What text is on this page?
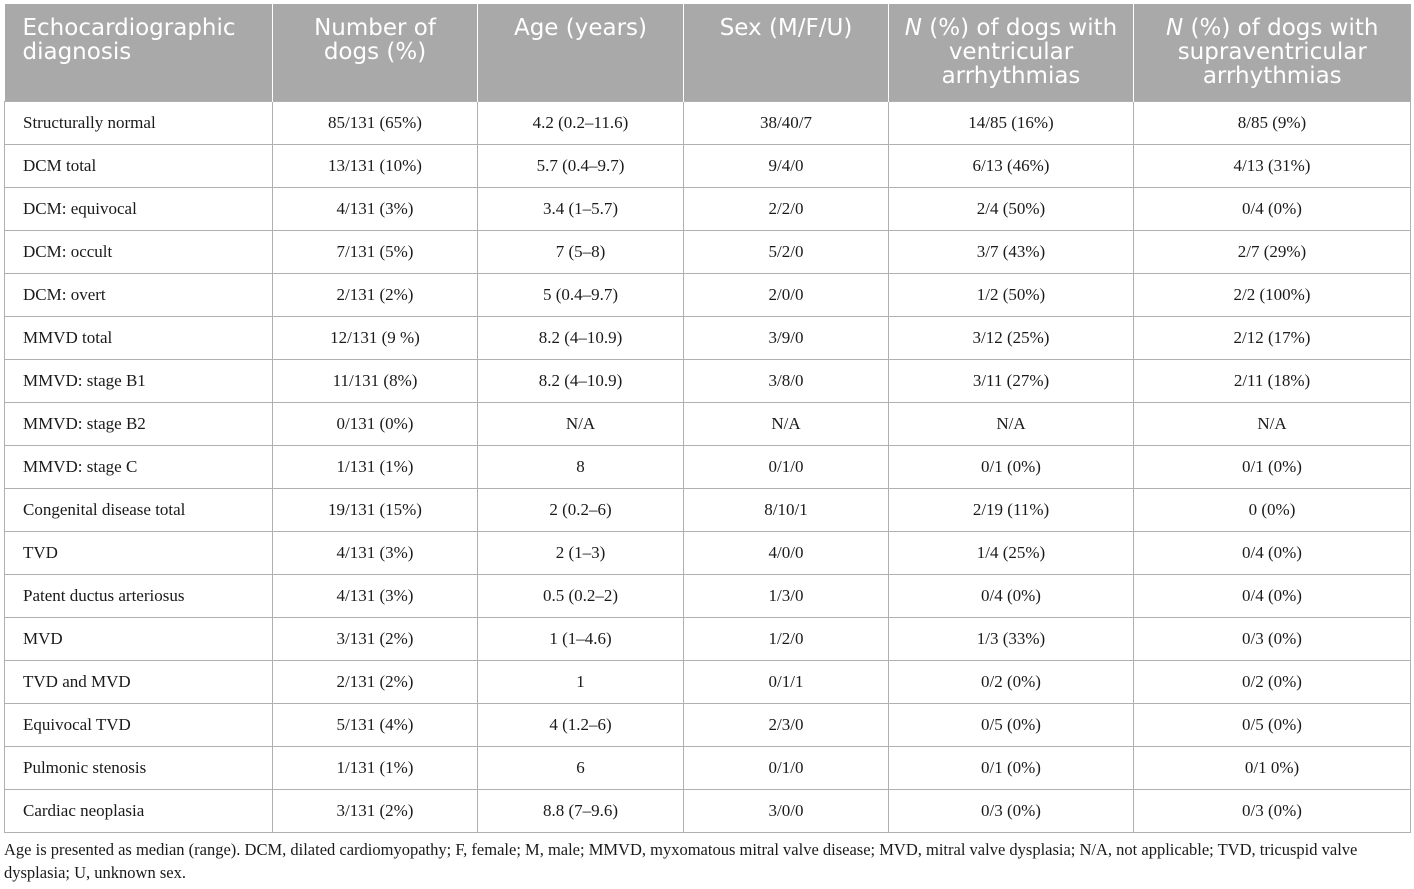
Echocardiographic diagnosis	Number of dogs (%)	Age (years)	Sex (M/F/U)	N (%) of dogs with ventricular arrhythmias	N (%) of dogs with supraventricular arrhythmias
Structurally normal	85/131 (65%)	4.2 (0.2–11.6)	38/40/7	14/85 (16%)	8/85 (9%)
DCM total	13/131 (10%)	5.7 (0.4–9.7)	9/4/0	6/13 (46%)	4/13 (31%)
DCM: equivocal	4/131 (3%)	3.4 (1–5.7)	2/2/0	2/4 (50%)	0/4 (0%)
DCM: occult	7/131 (5%)	7 (5–8)	5/2/0	3/7 (43%)	2/7 (29%)
DCM: overt	2/131 (2%)	5 (0.4–9.7)	2/0/0	1/2 (50%)	2/2 (100%)
MMVD total	12/131 (9 %)	8.2 (4–10.9)	3/9/0	3/12 (25%)	2/12 (17%)
MMVD: stage B1	11/131 (8%)	8.2 (4–10.9)	3/8/0	3/11 (27%)	2/11 (18%)
MMVD: stage B2	0/131 (0%)	N/A	N/A	N/A	N/A
MMVD: stage C	1/131 (1%)	8	0/1/0	0/1 (0%)	0/1 (0%)
Congenital disease total	19/131 (15%)	2 (0.2–6)	8/10/1	2/19 (11%)	0 (0%)
TVD	4/131 (3%)	2 (1–3)	4/0/0	1/4 (25%)	0/4 (0%)
Patent ductus arteriosus	4/131 (3%)	0.5 (0.2–2)	1/3/0	0/4 (0%)	0/4 (0%)
MVD	3/131 (2%)	1 (1–4.6)	1/2/0	1/3 (33%)	0/3 (0%)
TVD and MVD	2/131 (2%)	1	0/1/1	0/2 (0%)	0/2 (0%)
Equivocal TVD	5/131 (4%)	4 (1.2–6)	2/3/0	0/5 (0%)	0/5 (0%)
Pulmonic stenosis	1/131 (1%)	6	0/1/0	0/1 (0%)	0/1 0%)
Cardiac neoplasia	3/131 (2%)	8.8 (7–9.6)	3/0/0	0/3 (0%)	0/3 (0%)
Age is presented as median (range). DCM, dilated cardiomyopathy; F, female; M, male; MMVD, myxomatous mitral valve disease; MVD, mitral valve dysplasia; N/A, not applicable; TVD, tricuspid valve dysplasia; U, unknown sex.
